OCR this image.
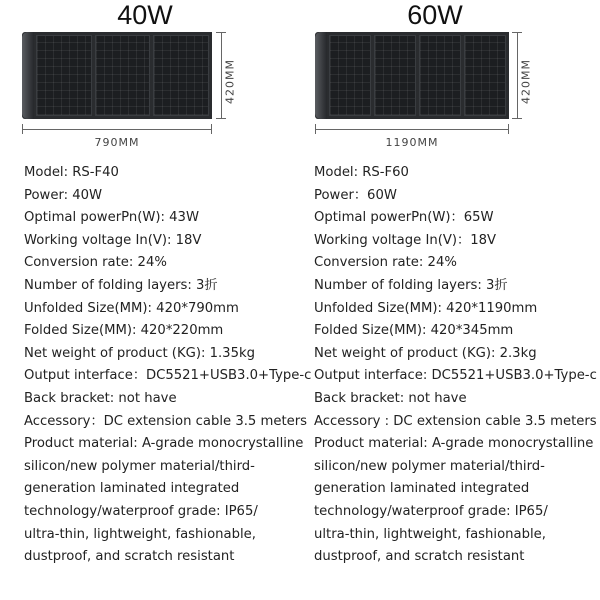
40W
420MM
790MM
Model: RS-F40
Power: 40W
Optimal powerPn(W): 43W
Working voltage In(V): 18V
Conversion rate: 24%
Number of folding layers: 3折
Unfolded Size(MM): 420*790mm
Folded Size(MM): 420*220mm
Net weight of product (KG): 1.35kg
Output interface：DC5521+USB3.0+Type-c
Back bracket: not have
Accessory：DC extension cable 3.5 meters
Product material: A-grade monocrystalline
silicon/new polymer material/third-
generation laminated integrated
technology/waterproof grade: IP65/
ultra-thin, lightweight, fashionable,
dustproof, and scratch resistant
60W
420MM
1190MM
Model: RS-F60
Power：60W
Optimal powerPn(W)：65W
Working voltage In(V)：18V
Conversion rate: 24%
Number of folding layers: 3折
Unfolded Size(MM): 420*1190mm
Folded Size(MM): 420*345mm
Net weight of product (KG): 2.3kg
Output interface: DC5521+USB3.0+Type-c
Back bracket: not have
Accessory : DC extension cable 3.5 meters
Product material: A-grade monocrystalline
silicon/new polymer material/third-
generation laminated integrated
technology/waterproof grade: IP65/
ultra-thin, lightweight, fashionable,
dustproof, and scratch resistant
